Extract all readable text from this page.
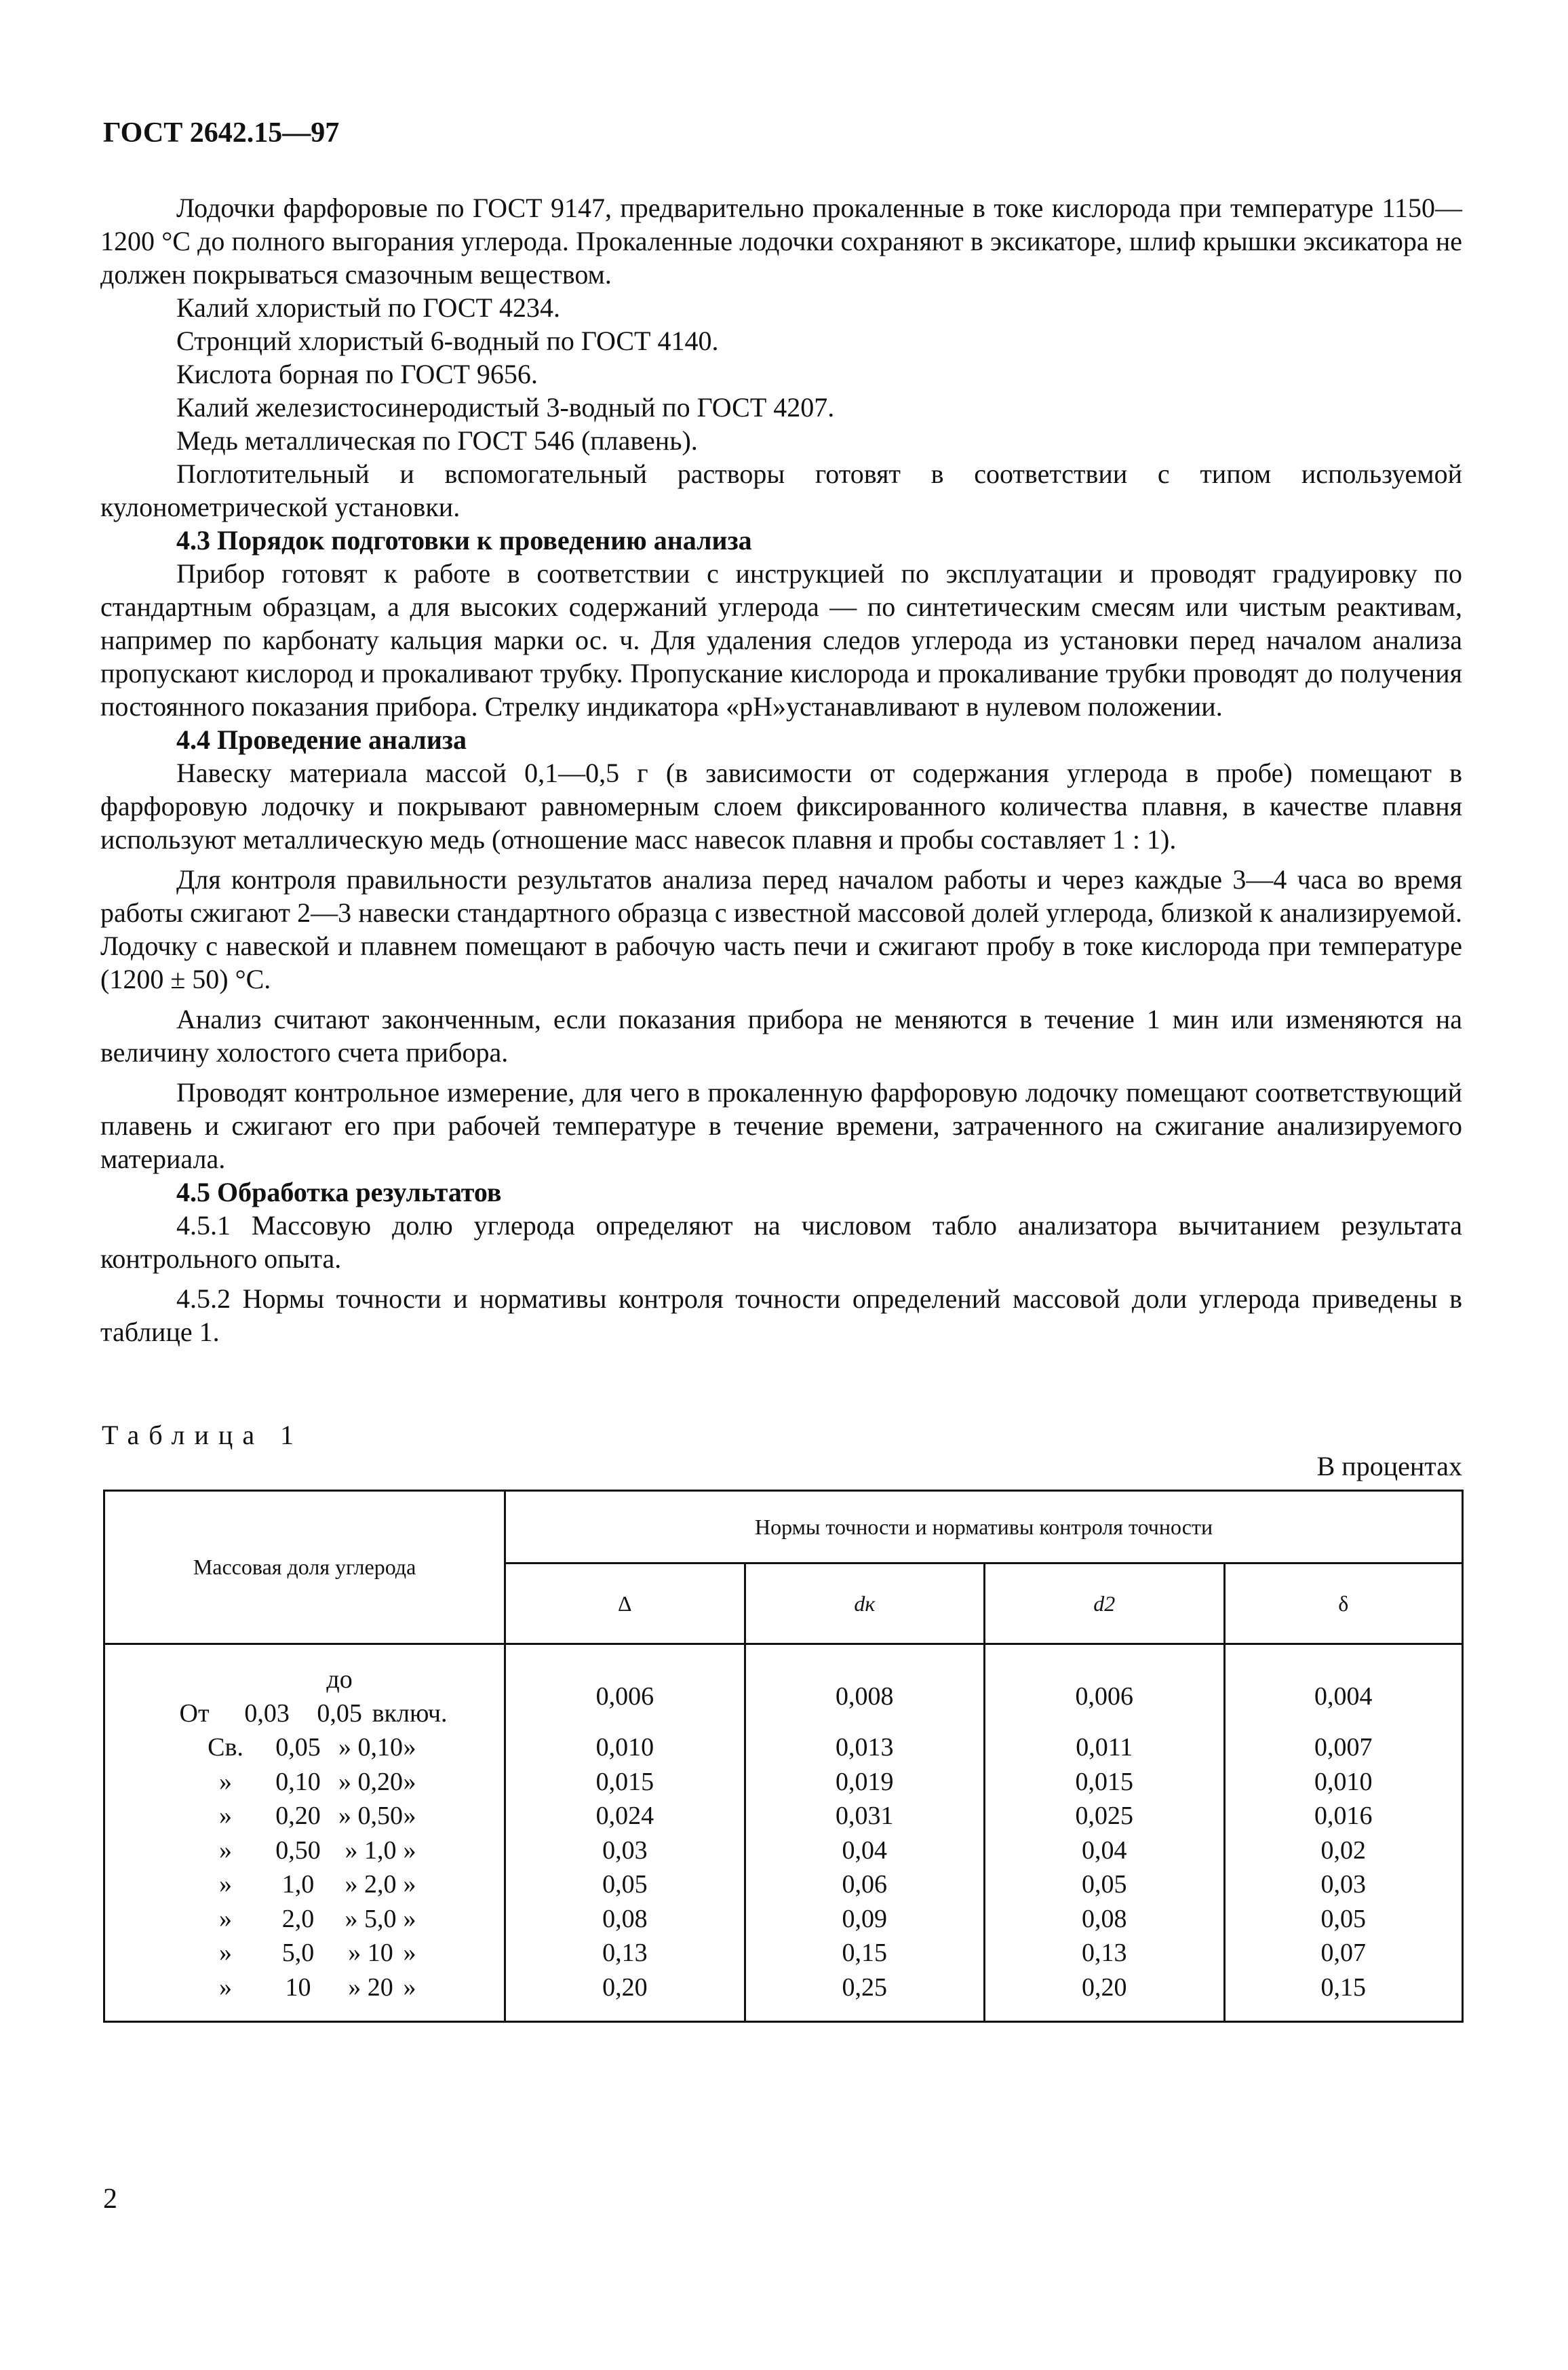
ГОСТ 2642.15—97

Лодочки фарфоровые по ГОСТ 9147, предварительно прокаленные в токе кислорода при температуре 1150—1200 °С до полного выгорания углерода. Прокаленные лодочки сохраняют в эксикаторе, шлиф крышки эксикатора не должен покрываться смазочным веществом.

Калий хлористый по ГОСТ 4234.

Стронций хлористый 6-водный по ГОСТ 4140.

Кислота борная по ГОСТ 9656.

Калий железистосинеродистый 3-водный по ГОСТ 4207.

Медь металлическая по ГОСТ 546 (плавень).

Поглотительный и вспомогательный растворы готовят в соответствии с типом используемой кулонометрической установки.

4.3 Порядок подготовки к проведению анализа

Прибор готовят к работе в соответствии с инструкцией по эксплуатации и проводят градуировку по стандартным образцам, а для высоких содержаний углерода — по синтетическим смесям или чистым реактивам, например по карбонату кальция марки ос. ч. Для удаления следов углерода из установки перед началом анализа пропускают кислород и прокаливают трубку. Пропускание кислорода и прокаливание трубки проводят до получения постоянного показания прибора. Стрелку индикатора «рН»устанавливают в нулевом положении.

4.4 Проведение анализа

Навеску материала массой 0,1—0,5 г (в зависимости от содержания углерода в пробе) помещают в фарфоровую лодочку и покрывают равномерным слоем фиксированного количества плавня, в качестве плавня используют металлическую медь (отношение масс навесок плавня и пробы составляет 1 : 1).

Для контроля правильности результатов анализа перед началом работы и через каждые 3—4 часа во время работы сжигают 2—3 навески стандартного образца с известной массовой долей углерода, близкой к анализируемой. Лодочку с навеской и плавнем помещают в рабочую часть печи и сжигают пробу в токе кислорода при температуре (1200 ± 50) °С.

Анализ считают законченным, если показания прибора не меняются в течение 1 мин или изменяются на величину холостого счета прибора.

Проводят контрольное измерение, для чего в прокаленную фарфоровую лодочку помещают соответствующий плавень и сжигают его при рабочей температуре в течение времени, затраченного на сжигание анализируемого материала.

4.5 Обработка результатов

4.5.1 Массовую долю углерода определяют на числовом табло анализатора вычитанием результата контрольного опыта.

4.5.2 Нормы точности и нормативы контроля точности определений массовой доли углерода приведены в таблице 1.

Таблица 1
В процентах
Массовая доля углерода	Нормы точности и нормативы контроля точности			
	Δ	dк	d2	δ
От 0,03до 0,05 включ.	0,006	0,008	0,006	0,004
Св. 0,05 » 0,10»	0,010	0,013	0,011	0,007
» 0,10 » 0,20»	0,015	0,019	0,015	0,010
» 0,20 » 0,50»	0,024	0,031	0,025	0,016
» 0,50 » 1,0 »	0,03	0,04	0,04	0,02
» 1,0 » 2,0 »	0,05	0,06	0,05	0,03
» 2,0 » 5,0 »	0,08	0,09	0,08	0,05
» 5,0 » 10 »	0,13	0,15	0,13	0,07
» 10 » 20 »	0,20	0,25	0,20	0,15
2
